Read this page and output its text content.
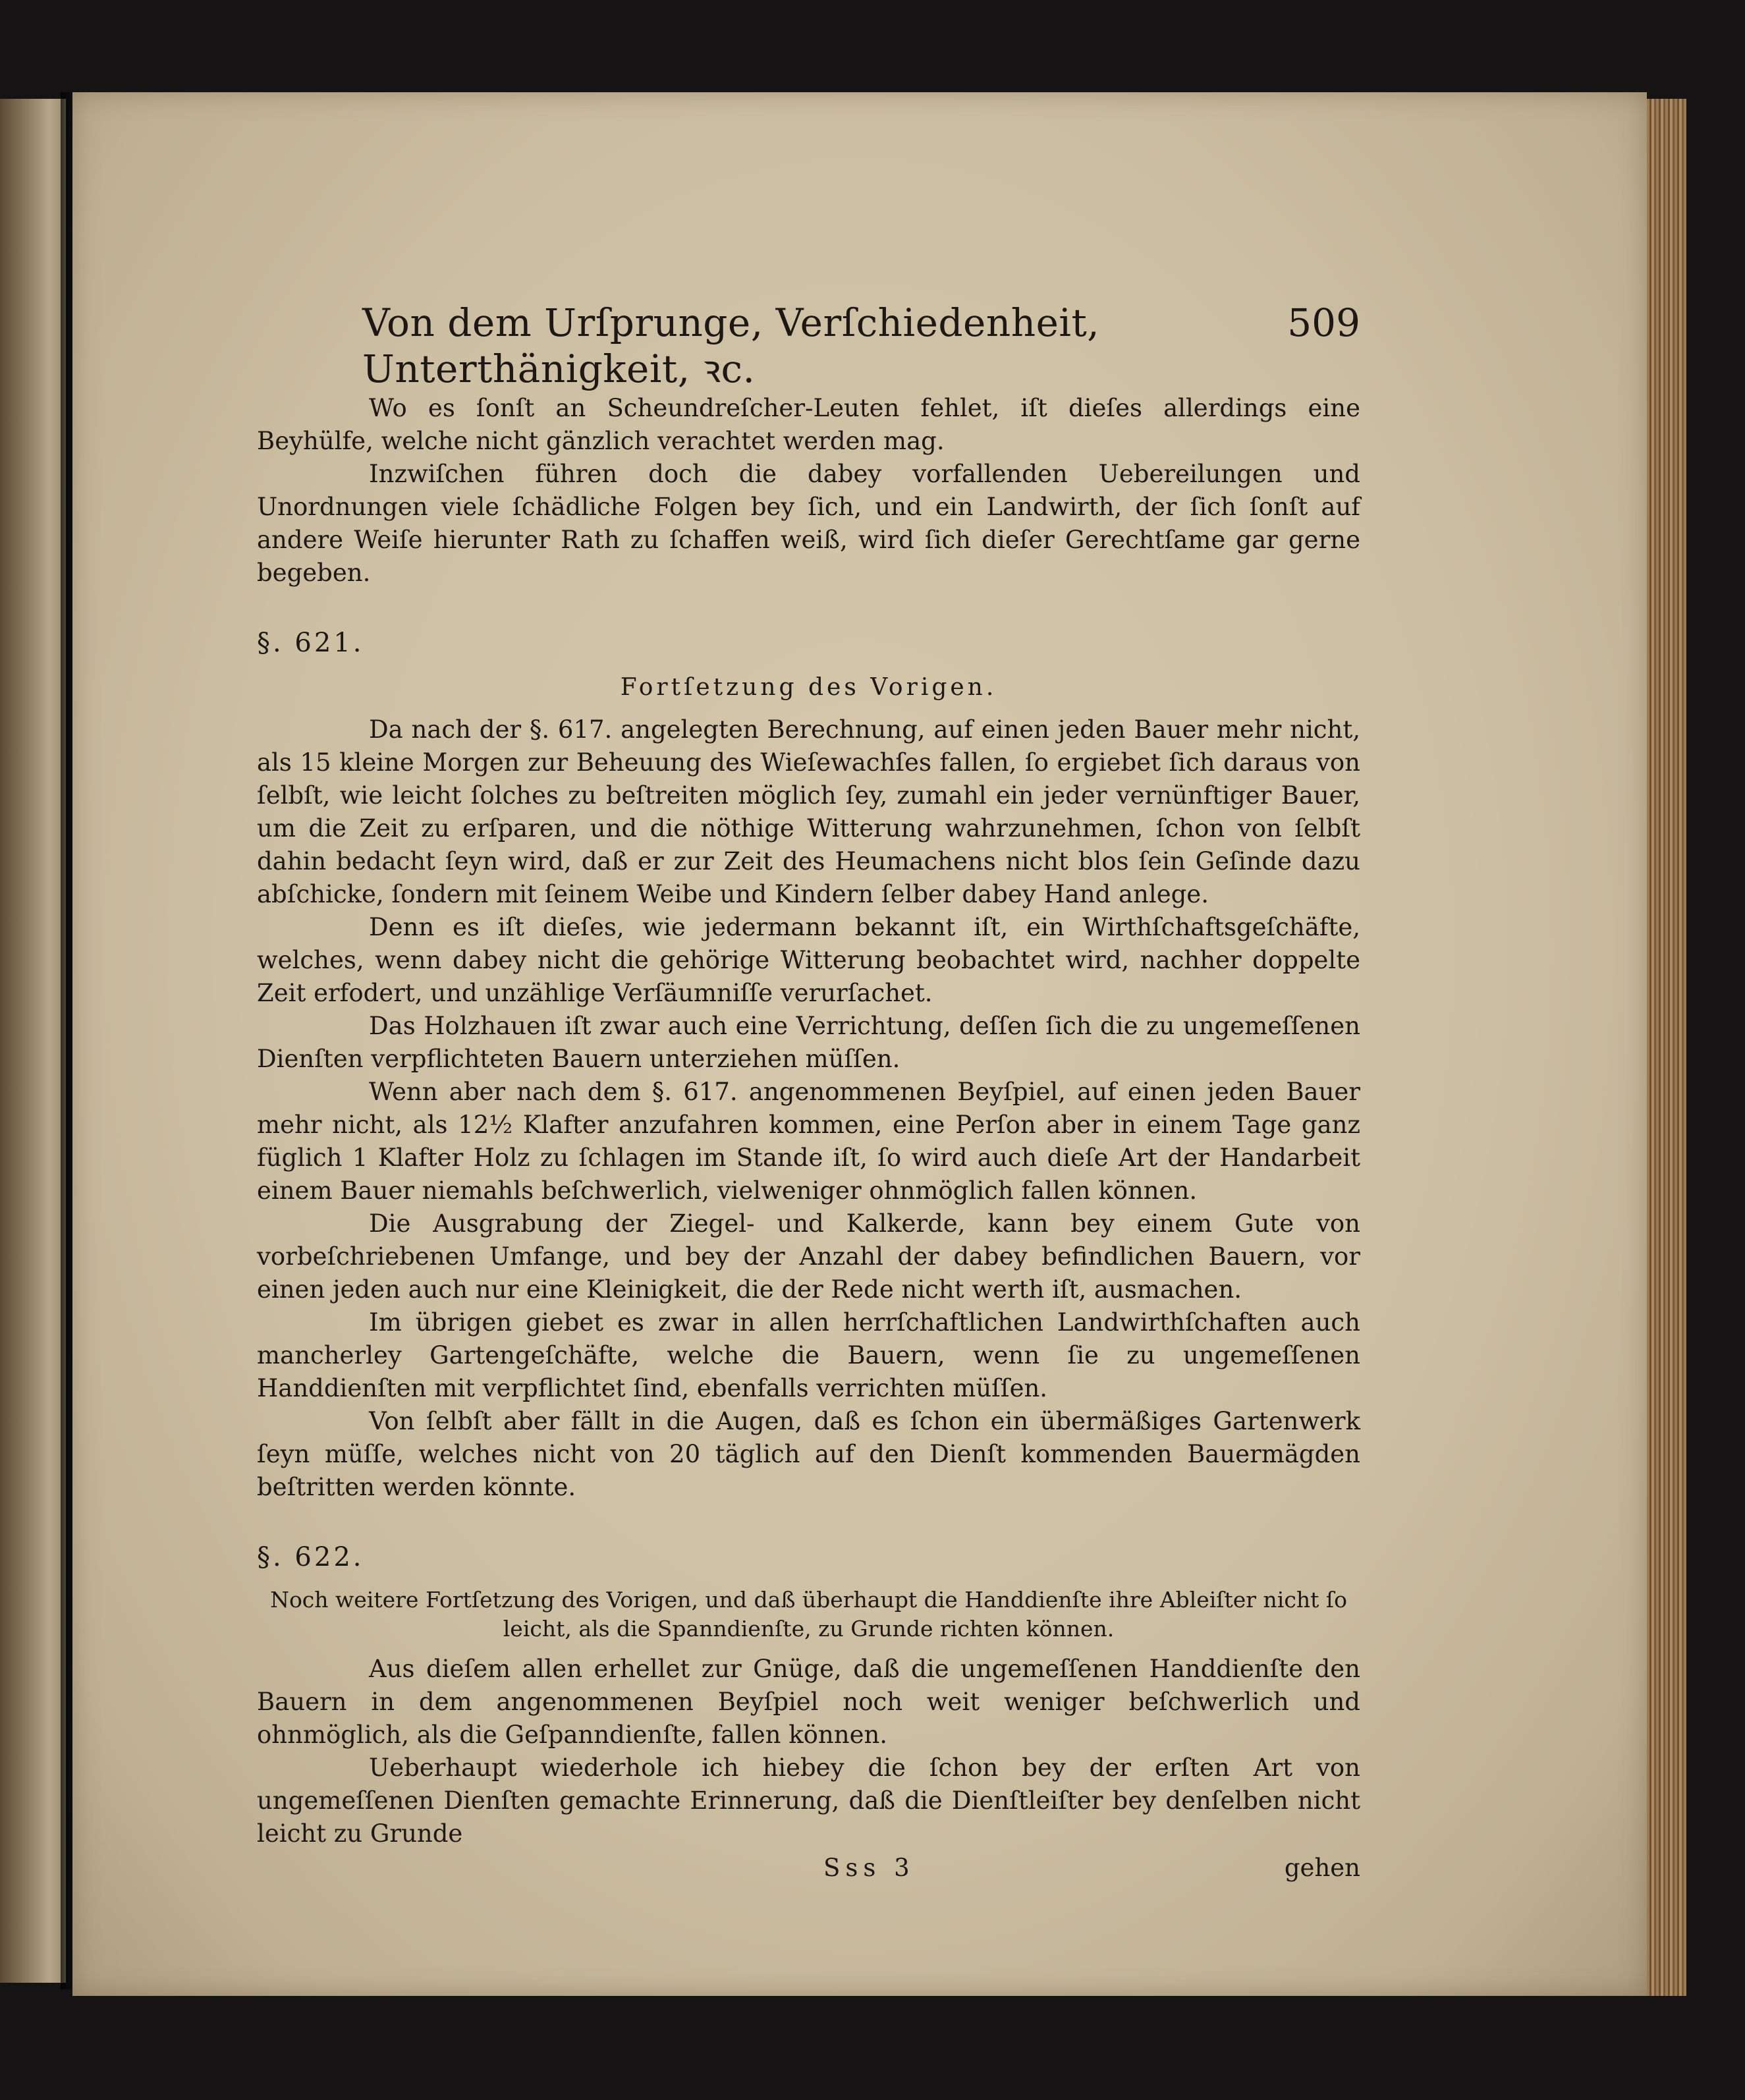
Von dem Urſprunge, Verſchiedenheit, Unterthänigkeit, ꝛc.
509

Wo es ſonſt an Scheundreſcher-Leuten fehlet, iſt dieſes allerdings eine Beyhülfe, welche nicht gänzlich verachtet werden mag.

Inzwiſchen führen doch die dabey vorfallenden Uebereilungen und Unordnungen viele ſchädliche Folgen bey ſich, und ein Landwirth, der ſich ſonſt auf andere Weiſe hierunter Rath zu ſchaffen weiß, wird ſich dieſer Gerechtſame gar gerne begeben.

§. 621.

Fortſetzung des Vorigen.

Da nach der §. 617. angelegten Berechnung, auf einen jeden Bauer mehr nicht, als 15 kleine Morgen zur Beheuung des Wieſewachſes fallen, ſo ergiebet ſich daraus von ſelbſt, wie leicht ſolches zu beſtreiten möglich ſey, zumahl ein jeder vernünftiger Bauer, um die Zeit zu erſparen, und die nöthige Witterung wahrzunehmen, ſchon von ſelbſt dahin bedacht ſeyn wird, daß er zur Zeit des Heumachens nicht blos ſein Geſinde dazu abſchicke, ſondern mit ſeinem Weibe und Kindern ſelber dabey Hand anlege.

Denn es iſt dieſes, wie jedermann bekannt iſt, ein Wirthſchaftsgeſchäfte, welches, wenn dabey nicht die gehörige Witterung beobachtet wird, nachher doppelte Zeit erfodert, und unzählige Verſäumniſſe verurſachet.

Das Holzhauen iſt zwar auch eine Verrichtung, deſſen ſich die zu ungemeſſenen Dienſten verpflichteten Bauern unterziehen müſſen.

Wenn aber nach dem §. 617. angenommenen Beyſpiel, auf einen jeden Bauer mehr nicht, als 12½ Klafter anzufahren kommen, eine Perſon aber in einem Tage ganz füglich 1 Klafter Holz zu ſchlagen im Stande iſt, ſo wird auch dieſe Art der Handarbeit einem Bauer niemahls beſchwerlich, vielweniger ohnmöglich fallen können.

Die Ausgrabung der Ziegel- und Kalkerde, kann bey einem Gute von vorbeſchriebenen Umfange, und bey der Anzahl der dabey befindlichen Bauern, vor einen jeden auch nur eine Kleinigkeit, die der Rede nicht werth iſt, ausmachen.

Im übrigen giebet es zwar in allen herrſchaftlichen Landwirthſchaften auch mancherley Gartengeſchäfte, welche die Bauern, wenn ſie zu ungemeſſenen Handdienſten mit verpflichtet ſind, ebenfalls verrichten müſſen.

Von ſelbſt aber fällt in die Augen, daß es ſchon ein übermäßiges Gartenwerk ſeyn müſſe, welches nicht von 20 täglich auf den Dienſt kommenden Bauermägden beſtritten werden könnte.

§. 622.

Noch weitere Fortſetzung des Vorigen, und daß überhaupt die Handdienſte ihre Ableiſter nicht ſo leicht, als die Spanndienſte, zu Grunde richten können.

Aus dieſem allen erhellet zur Gnüge, daß die ungemeſſenen Handdienſte den Bauern in dem angenommenen Beyſpiel noch weit weniger beſchwerlich und ohnmöglich, als die Geſpanndienſte, fallen können.

Ueberhaupt wiederhole ich hiebey die ſchon bey der erſten Art von ungemeſſenen Dienſten gemachte Erinnerung, daß die Dienſtleiſter bey denſelben nicht leicht zu Grunde

Sss 3	gehen
